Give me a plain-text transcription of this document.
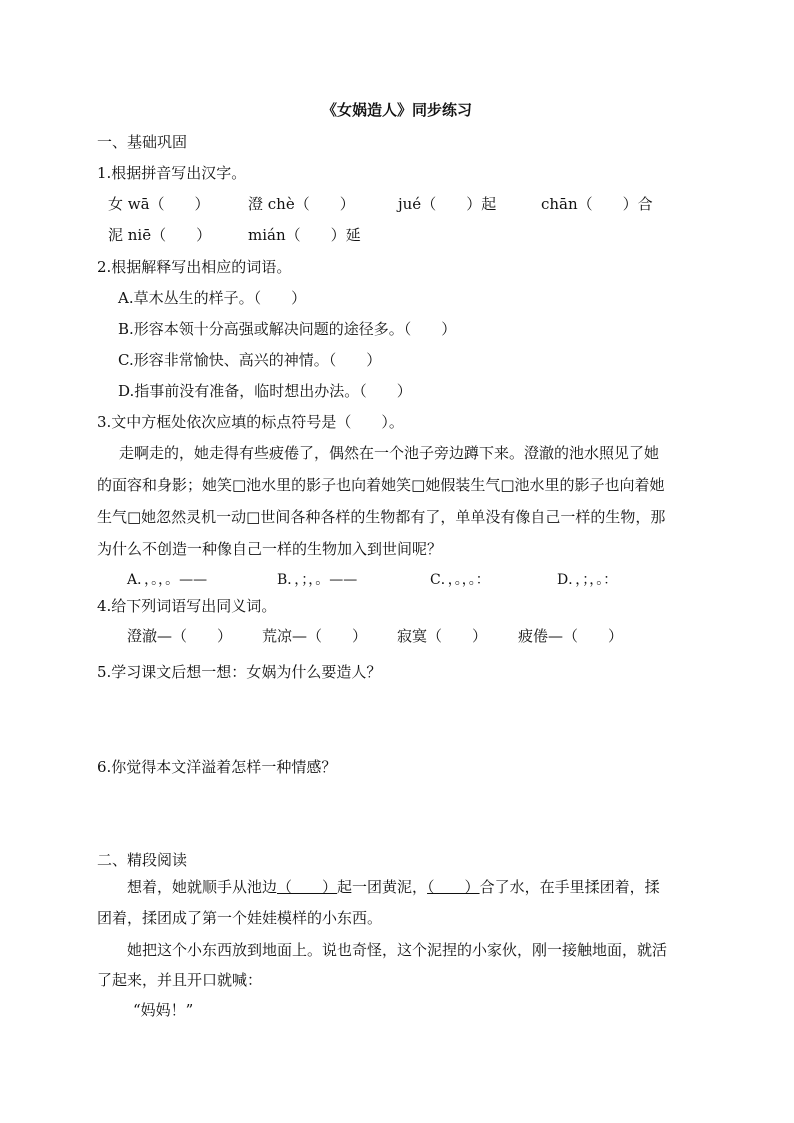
《女娲造人》同步练习
一、基础巩固
1.根据拼音写出汉字。
女 wā（　　）	澄 chè（　　）	jué（　　）起	chān（　　）合
泥 niē（　　） mián（　　）延
2.根据解释写出相应的词语。
A.草木丛生的样子。（　　）
B.形容本领十分高强或解决问题的途径多。（　　）
C.形容非常愉快、高兴的神情。（　　）
D.指事前没有准备，临时想出办法。（　　）
3.文中方框处依次应填的标点符号是（　　）。
走啊走的，她走得有些疲倦了，偶然在一个池子旁边蹲下来。澄澈的池水照见了她
的面容和身影；她笑□池水里的影子也向着她笑□她假装生气□池水里的影子也向着她
生气□她忽然灵机一动□世间各种各样的生物都有了，单单没有像自己一样的生物，那
为什么不创造一种像自己一样的生物加入到世间呢？
A．，。，。——	B．，；，。——	C．，。，。：	D．，；，。：
4.给下列词语写出同义词。
澄澈—（　　） 荒凉—（　　） 寂寞（　　） 疲倦—（　　）
5.学习课文后想一想：女娲为什么要造人？
6.你觉得本文洋溢着怎样一种情感？
二、精段阅读
想着，她就顺手从池边（　　）起一团黄泥，（　　）合了水，在手里揉团着，揉
团着，揉团成了第一个娃娃模样的小东西。
她把这个小东西放到地面上。说也奇怪，这个泥捏的小家伙，刚一接触地面，就活
了起来，并且开口就喊：
“妈妈！”
